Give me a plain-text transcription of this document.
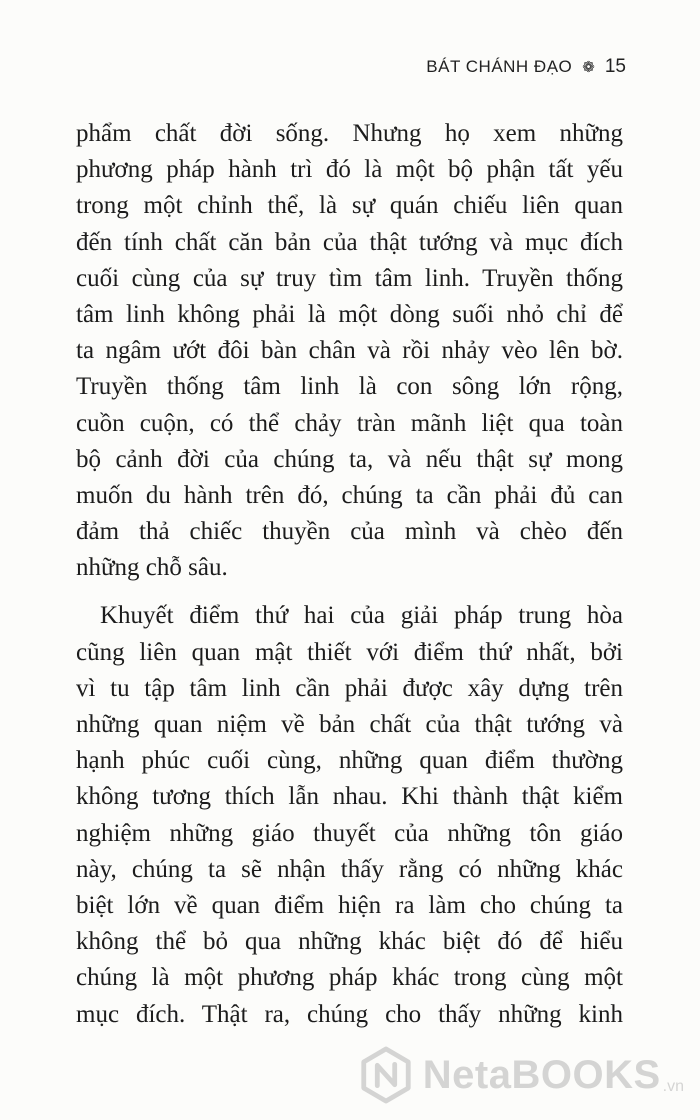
BÁT CHÁNH ĐẠO ❁ 15
phẩm chất đời sống. Nhưng họ xem những
phương pháp hành trì đó là một bộ phận tất yếu
trong một chỉnh thể, là sự quán chiếu liên quan
đến tính chất căn bản của thật tướng và mục đích
cuối cùng của sự truy tìm tâm linh. Truyền thống
tâm linh không phải là một dòng suối nhỏ chỉ để
ta ngâm ướt đôi bàn chân và rồi nhảy vèo lên bờ.
Truyền thống tâm linh là con sông lớn rộng,
cuồn cuộn, có thể chảy tràn mãnh liệt qua toàn
bộ cảnh đời của chúng ta, và nếu thật sự mong
muốn du hành trên đó, chúng ta cần phải đủ can
đảm thả chiếc thuyền của mình và chèo đến
những chỗ sâu.
Khuyết điểm thứ hai của giải pháp trung hòa
cũng liên quan mật thiết với điểm thứ nhất, bởi
vì tu tập tâm linh cần phải được xây dựng trên
những quan niệm về bản chất của thật tướng và
hạnh phúc cuối cùng, những quan điểm thường
không tương thích lẫn nhau. Khi thành thật kiểm
nghiệm những giáo thuyết của những tôn giáo
này, chúng ta sẽ nhận thấy rằng có những khác
biệt lớn về quan điểm hiện ra làm cho chúng ta
không thể bỏ qua những khác biệt đó để hiểu
chúng là một phương pháp khác trong cùng một
mục đích. Thật ra, chúng cho thấy những kinh
NetaBOOKS .vn
